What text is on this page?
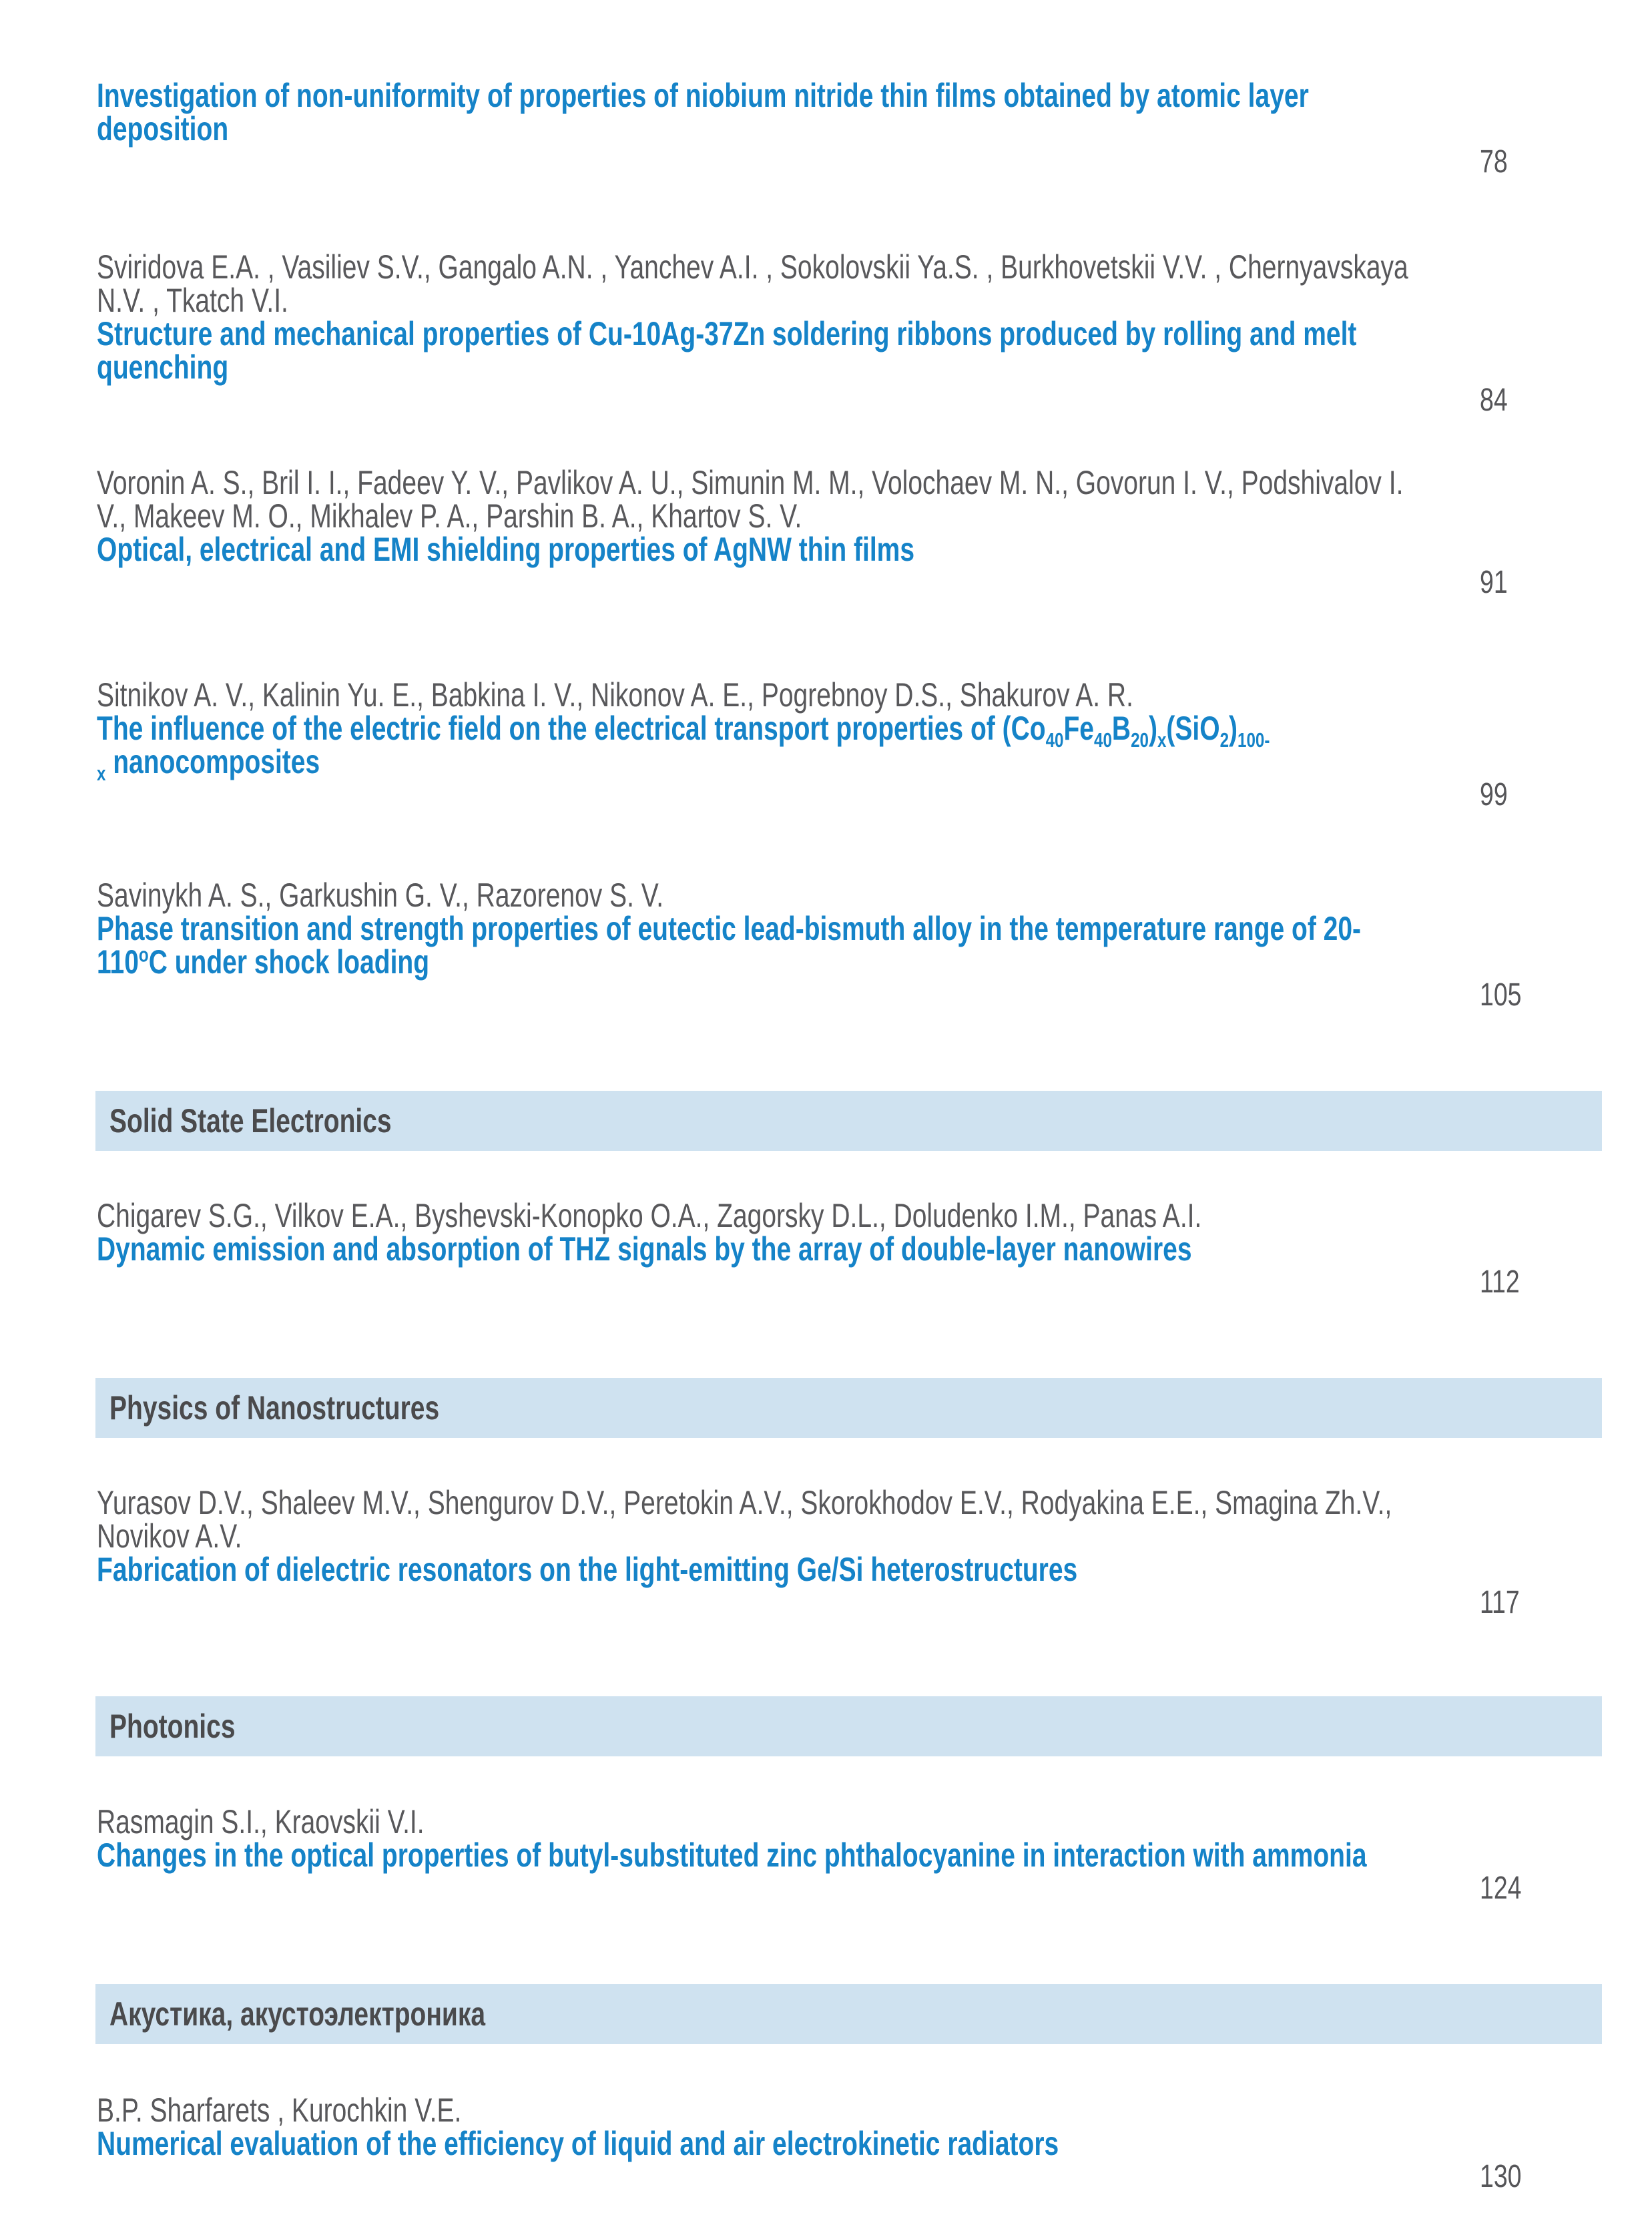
Investigation of non-uniformity of properties of niobium nitride thin films obtained by atomic layer
deposition
78

Sviridova E.A. , Vasiliev S.V., Gangalo A.N. , Yanchev A.I. , Sokolovskii Ya.S. , Burkhovetskii V.V. , Chernyavskaya
N.V. , Tkatch V.I.

Structure and mechanical properties of Cu-10Ag-37Zn soldering ribbons produced by rolling and melt
quenching
84

Voronin A. S., Bril I. I., Fadeev Y. V., Pavlikov A. U., Simunin M. M., Volochaev M. N., Govorun I. V., Podshivalov I.
V., Makeev M. O., Mikhalev P. A., Parshin B. A., Khartov S. V.

Optical, electrical and EMI shielding properties of AgNW thin films
91

Sitnikov A. V., Kalinin Yu. E., Babkina I. V., Nikonov A. E., Pogrebnoy D.S., Shakurov A. R.

The influence of the electric field on the electrical transport properties of $(Co_{40}Fe_{40}B_{20})_x(SiO_2)_{100-}$
$_x$ nanocomposites
99

Savinykh A. S., Garkushin G. V., Razorenov S. V.

Phase transition and strength properties of eutectic lead-bismuth alloy in the temperature range of 20-
110$^o$C under shock loading
105
Solid State Electronics

Chigarev S.G., Vilkov E.A., Byshevski-Konopko O.A., Zagorsky D.L., Doludenko I.M., Panas A.I.

Dynamic emission and absorption of THZ signals by the array of double-layer nanowires
112
Physics of Nanostructures

Yurasov D.V., Shaleev M.V., Shengurov D.V., Peretokin A.V., Skorokhodov E.V., Rodyakina E.E., Smagina Zh.V.,
Novikov A.V.

Fabrication of dielectric resonators on the light-emitting Ge/Si heterostructures
117
Photonics

Rasmagin S.I., Kraovskii V.I.

Changes in the optical properties of butyl-substituted zinc phthalocyanine in interaction with ammonia
124
Акустика, акустоэлектроника

B.P. Sharfarets , Kurochkin V.E.

Numerical evaluation of the efficiency of liquid and air electrokinetic radiators
130
